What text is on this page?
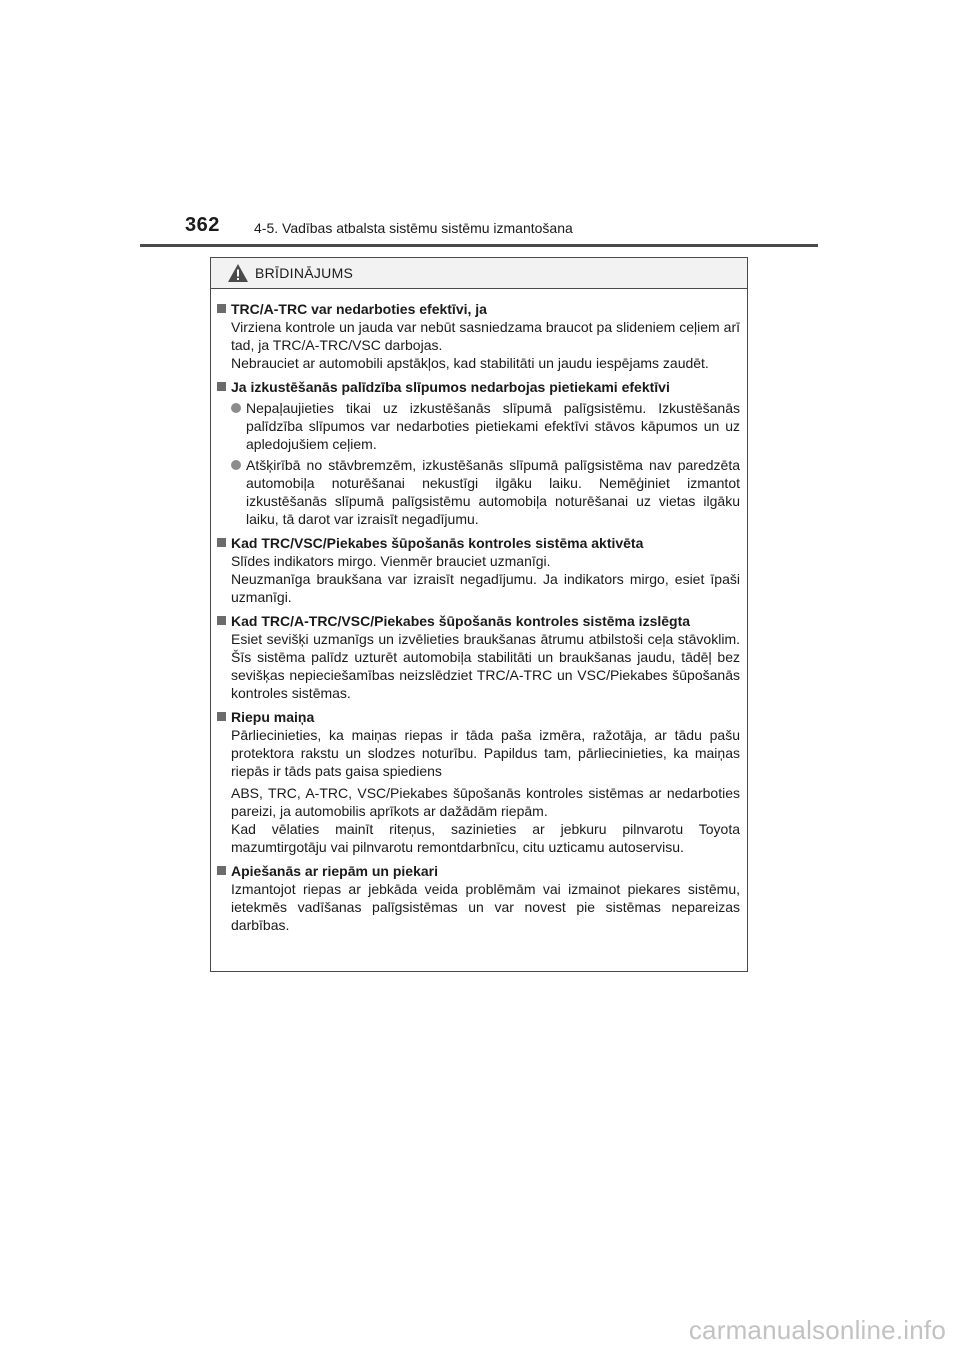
362 4-5. Vadības atbalsta sistēmu sistēmu izmantošana
BRĪDINĀJUMS
TRC/A-TRC var nedarboties efektīvi, ja
Virziena kontrole un jauda var nebūt sasniedzama braucot pa slideniem ceļiem arī tad, ja TRC/A-TRC/VSC darbojas.
Nebrauciet ar automobili apstākļos, kad stabilitāti un jaudu iespējams zaudēt.
Ja izkustēšanās palīdzība slīpumos nedarbojas pietiekami efektīvi
Nepaļaujieties tikai uz izkustēšanās slīpumā palīgsistēmu. Izkustēšanās palīdzība slīpumos var nedarboties pietiekami efektīvi stāvos kāpumos un uz apledojušiem ceļiem.
Atšķirībā no stāvbremzēm, izkustēšanās slīpumā palīgsistēma nav paredzēta automobiļa noturēšanai nekustīgi ilgāku laiku. Nemēģiniet izmantot izkustēšanās slīpumā palīgsistēmu automobiļa noturēšanai uz vietas ilgāku laiku, tā darot var izraisīt negadījumu.
Kad TRC/VSC/Piekabes šūpošanās kontroles sistēma aktivēta
Slīdes indikators mirgo. Vienmēr brauciet uzmanīgi.
Neuzmanīga braukšana var izraisīt negadījumu. Ja indikators mirgo, esiet īpaši uzmanīgi.
Kad TRC/A-TRC/VSC/Piekabes šūpošanās kontroles sistēma izslēgta
Esiet sevišķi uzmanīgs un izvēlieties braukšanas ātrumu atbilstoši ceļa stāvoklim. Šīs sistēma palīdz uzturēt automobiļa stabilitāti un braukšanas jaudu, tādēļ bez sevišķas nepieciešamības neizslēdziet TRC/A-TRC un VSC/Piekabes šūpošanās kontroles sistēmas.
Riepu maiņa
Pārliecinieties, ka maiņas riepas ir tāda paša izmēra, ražotāja, ar tādu pašu protektora rakstu un slodzes noturību. Papildus tam, pārliecinieties, ka maiņas riepās ir tāds pats gaisa spiediens
ABS, TRC, A-TRC, VSC/Piekabes šūpošanās kontroles sistēmas ar nedarboties pareizi, ja automobilis aprīkots ar dažādām riepām.
Kad vēlaties mainīt riteņus, sazinieties ar jebkuru pilnvarotu Toyota mazumtirgotāju vai pilnvarotu remontdarbnīcu, citu uzticamu autoservisu.
Apiešanās ar riepām un piekari
Izmantojot riepas ar jebkāda veida problēmām vai izmainot piekares sistēmu, ietekmēs vadīšanas palīgsistēmas un var novest pie sistēmas nepareizas darbības.
carmanualsonline.info
